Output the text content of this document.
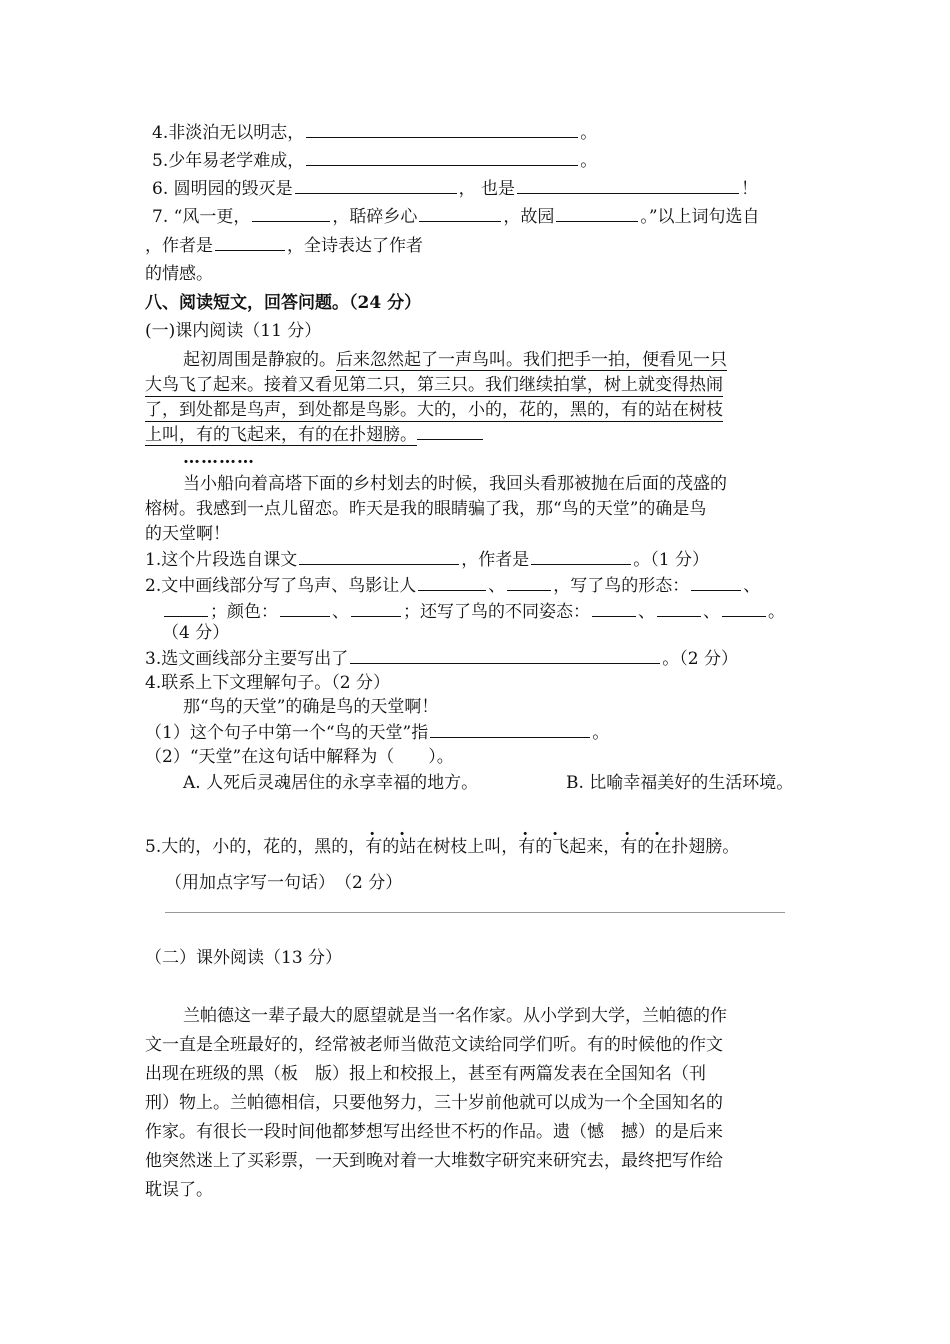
4.非淡泊无以明志，	。
5.少年易老学难成，	。
6. 圆明园的毁灭是	， 也是	！
7. “风一更，	，聒碎乡心	，故园	。”以上词句选自
，作者是	，全诗表达了作者
的情感。
八、阅读短文，回答问题。（24 分）
(一)课内阅读（11 分）
起初周围是静寂的。后来忽然起了一声鸟叫。我们把手一拍，便看见一只
大鸟飞了起来。接着又看见第二只，第三只。我们继续拍掌，树上就变得热闹
了，到处都是鸟声，到处都是鸟影。大的，小的，花的，黑的，有的站在树枝
上叫，有的飞起来，有的在扑翅膀。
…………
当小船向着高塔下面的乡村划去的时候，我回头看那被抛在后面的茂盛的
榕树。我感到一点儿留恋。昨天是我的眼睛骗了我，那“鸟的天堂”的确是鸟
的天堂啊！
1.这个片段选自课文	，作者是	。（1 分）
2.文中画线部分写了鸟声、鸟影让人	、	，写了鸟的形态：	、
；颜色：	、	；还写了鸟的不同姿态：	、	、	。
（4 分）
3.选文画线部分主要写出了	。（2 分）
4.联系上下文理解句子。（2 分）
那“鸟的天堂”的确是鸟的天堂啊！
（1）这个句子中第一个“鸟的天堂”指	。
（2）“天堂”在这句话中解释为（　　）。
A. 人死后灵魂居住的永享幸福的地方。	B. 比喻幸福美好的生活环境。
5.大的，小的，花的，黑的，
. .
有的站在树枝上叫，
. .
有的飞起来，
. .
有的在扑翅膀。
（用加点字写一句话）　（2 分）
（二）课外阅读（13 分）
兰帕德这一辈子最大的愿望就是当一名作家。从小学到大学，兰帕德的作
文一直是全班最好的，经常被老师当做范文读给同学们听。有的时候他的作文
出现在班级的黑（板　版）报上和校报上，甚至有两篇发表在全国知名（刊
刑）物上。兰帕德相信，只要他努力，三十岁前他就可以成为一个全国知名的
作家。有很长一段时间他都梦想写出经世不朽的作品。遗（憾　撼）的是后来
他突然迷上了买彩票，一天到晚对着一大堆数字研究来研究去，最终把写作给
耽误了。
